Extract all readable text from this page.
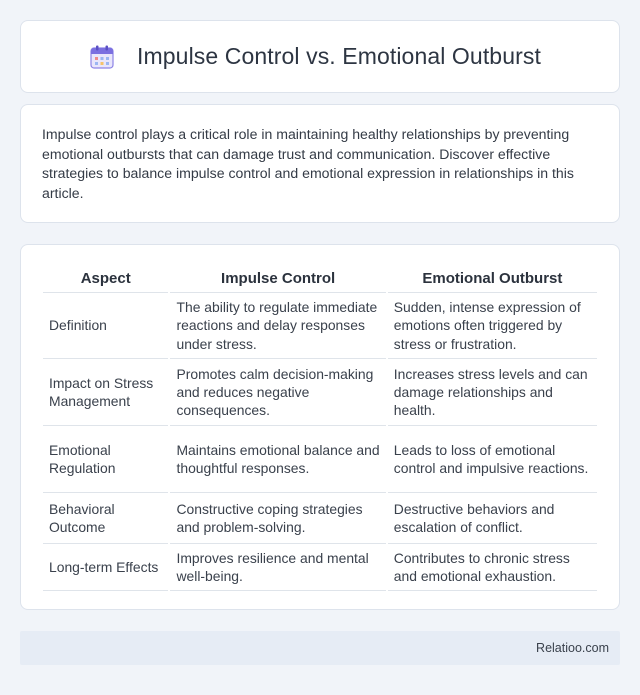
Impulse Control vs. Emotional Outburst

Impulse control plays a critical role in maintaining healthy relationships by preventing emotional outbursts that can damage trust and communication. Discover effective strategies to balance impulse control and emotional expression in relationships in this article.

Aspect	Impulse Control	Emotional Outburst
Definition	The ability to regulate immediate reactions and delay responses under stress.	Sudden, intense expression of emotions often triggered by stress or frustration.
Impact on Stress Management	Promotes calm decision-making and reduces negative consequences.	Increases stress levels and can damage relationships and health.
Emotional Regulation	Maintains emotional balance and thoughtful responses.	Leads to loss of emotional control and impulsive reactions.
Behavioral Outcome	Constructive coping strategies and problem-solving.	Destructive behaviors and escalation of conflict.
Long-term Effects	Improves resilience and mental well-being.	Contributes to chronic stress and emotional exhaustion.
Relatioo.com
